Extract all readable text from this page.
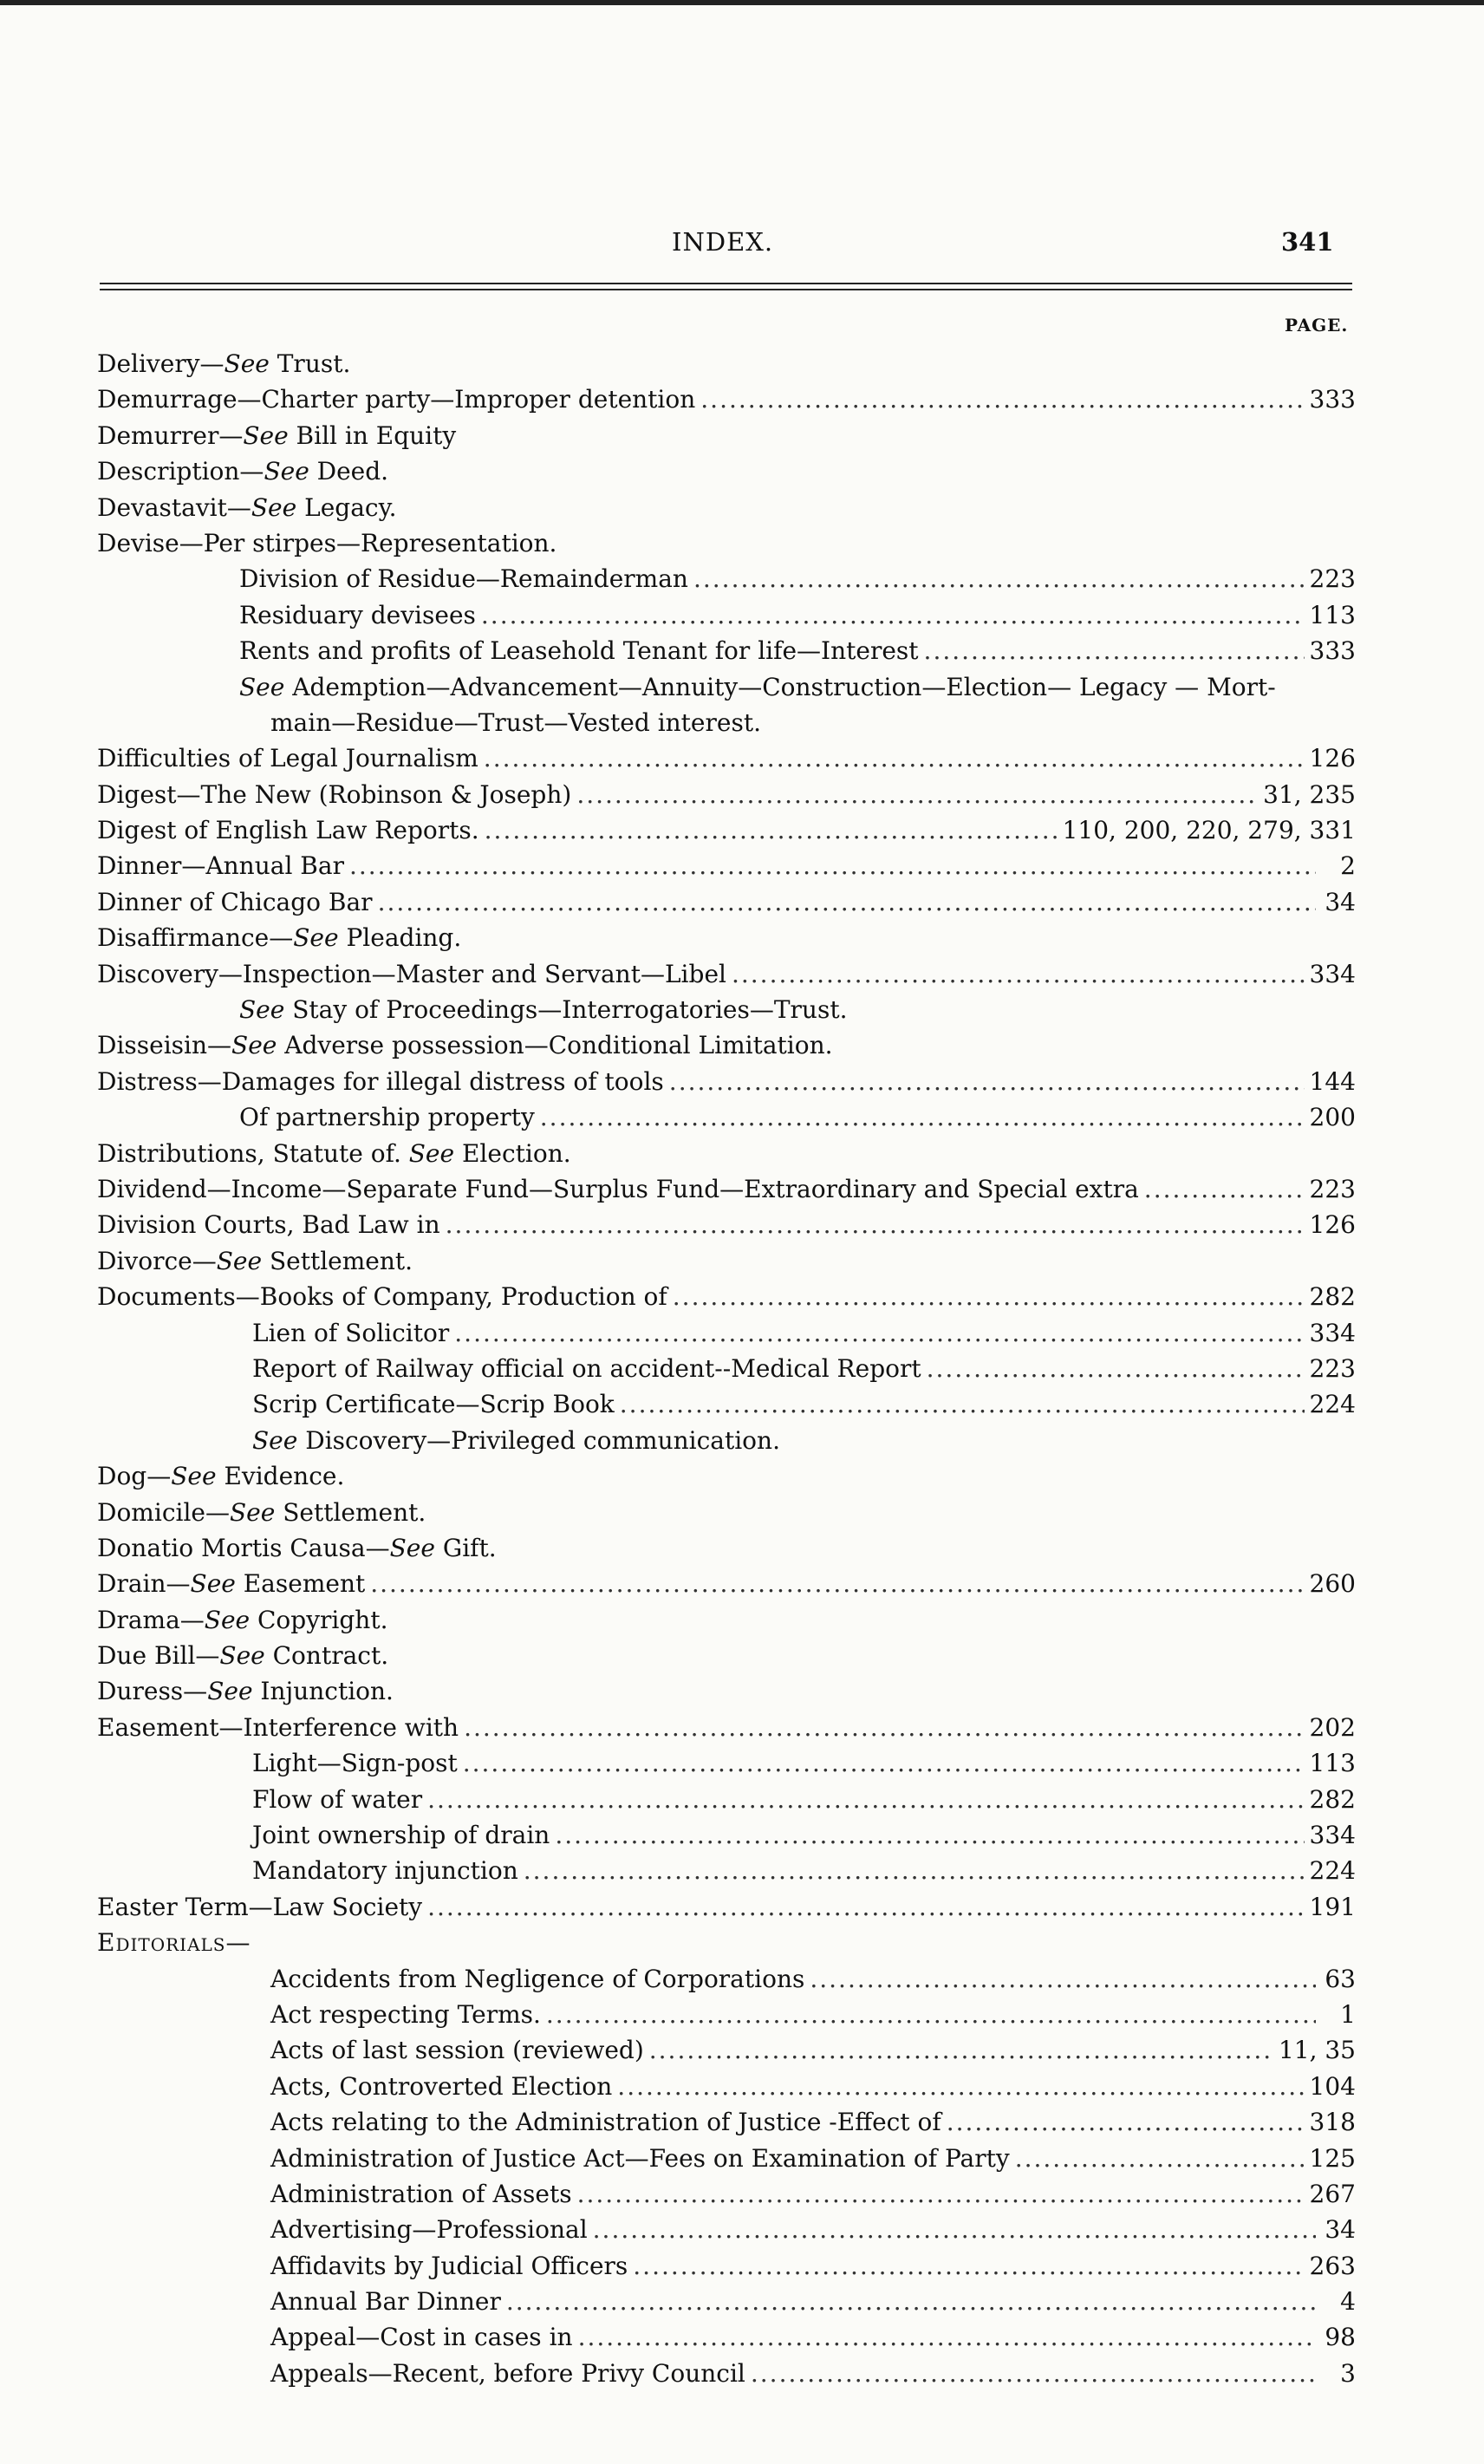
INDEX.	341
PAGE.
Delivery—See Trust.
Demurrage—Charter party—Improper detention .....	333
Demurrer—See Bill in Equity
Description—See Deed.
Devastavit—See Legacy.
Devise—Per stirpes—Representation.
Division of Residue—Remainderman .....	223
Residuary devisees .....	113
Rents and profits of Leasehold Tenant for life—Interest .....	333
See Ademption—Advancement—Annuity—Construction—Election— Legacy — Mort-
main—Residue—Trust—Vested interest.
Difficulties of Legal Journalism .....	126
Digest—The New (Robinson & Joseph) .....	31, 235
Digest of English Law Reports. .....	110, 200, 220, 279, 331
Dinner—Annual Bar .....	2
Dinner of Chicago Bar .....	34
Disaffirmance—See Pleading.
Discovery—Inspection—Master and Servant—Libel .....	334
See Stay of Proceedings—Interrogatories—Trust.
Disseisin—See Adverse possession—Conditional Limitation.
Distress—Damages for illegal distress of tools .....	144
Of partnership property .....	200
Distributions, Statute of. See Election.
Dividend—Income—Separate Fund—Surplus Fund—Extraordinary and Special extra .....	223
Division Courts, Bad Law in .....	126
Divorce—See Settlement.
Documents—Books of Company, Production of .....	282
Lien of Solicitor .....	334
Report of Railway official on accident--Medical Report .....	223
Scrip Certificate—Scrip Book .....	224
See Discovery—Privileged communication.
Dog—See Evidence.
Domicile—See Settlement.
Donatio Mortis Causa—See Gift.
Drain—See Easement .....	260
Drama—See Copyright.
Due Bill—See Contract.
Duress—See Injunction.
Easement—Interference with .....	202
Light—Sign-post .....	113
Flow of water .....	282
Joint ownership of drain .....	334
Mandatory injunction .....	224
Easter Term—Law Society .....	191
Editorials—
Accidents from Negligence of Corporations .....	63
Act respecting Terms. .....	1
Acts of last session (reviewed) .....	11, 35
Acts, Controverted Election .....	104
Acts relating to the Administration of Justice -Effect of .....	318
Administration of Justice Act—Fees on Examination of Party .....	125
Administration of Assets .....	267
Advertising—Professional .....	34
Affidavits by Judicial Officers .....	263
Annual Bar Dinner .....	4
Appeal—Cost in cases in .....	98
Appeals—Recent, before Privy Council .....	3
